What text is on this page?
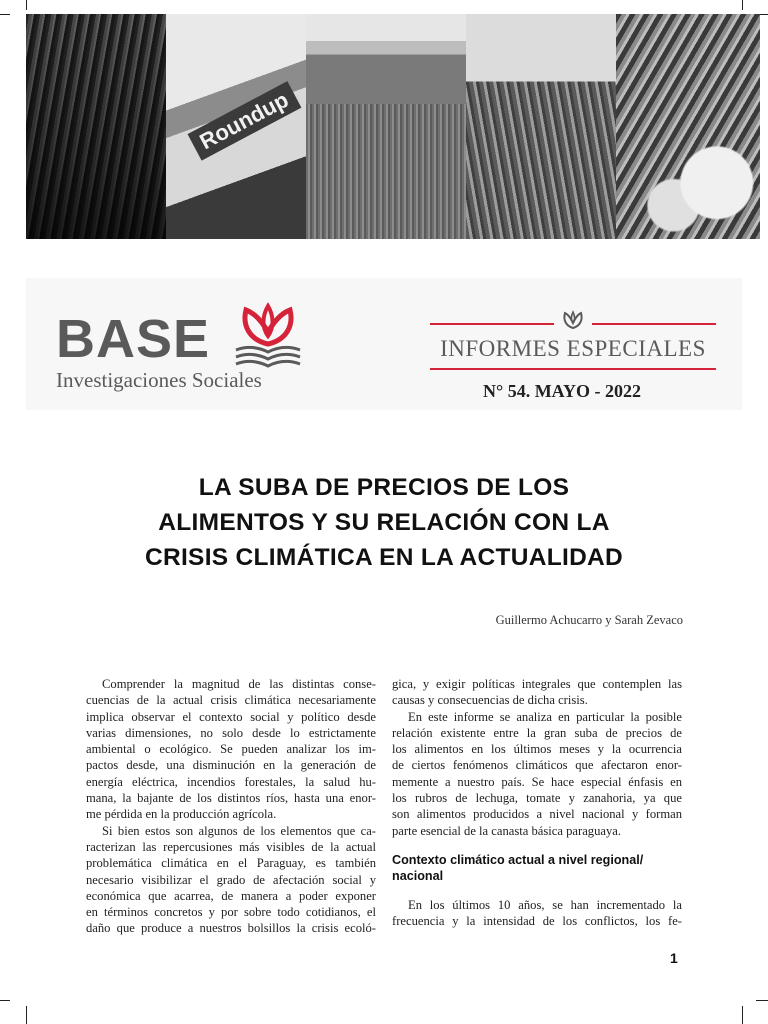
Roundup
BASE
Investigaciones Sociales
INFORMES ESPECIALES
N° 54. MAYO - 2022
LA SUBA DE PRECIOS DE LOS
ALIMENTOS Y SU RELACIÓN CON LA
CRISIS CLIMÁTICA EN LA ACTUALIDAD
Guillermo Achucarro y Sarah Zevaco

Comprender la magnitud de las distintas conse-
cuencias de la actual crisis climática necesariamente
implica observar el contexto social y político desde
varias dimensiones, no solo desde lo estrictamente
ambiental o ecológico. Se pueden analizar los im-
pactos desde, una disminución en la generación de
energía eléctrica, incendios forestales, la salud hu-
mana, la bajante de los distintos ríos, hasta una enor-
me pérdida en la producción agrícola.

Si bien estos son algunos de los elementos que ca-
racterizan las repercusiones más visibles de la actual
problemática climática en el Paraguay, es también
necesario visibilizar el grado de afectación social y
económica que acarrea, de manera a poder exponer
en términos concretos y por sobre todo cotidianos, el
daño que produce a nuestros bolsillos la crisis ecoló-

gica, y exigir políticas integrales que contemplen las
causas y consecuencias de dicha crisis.

En este informe se analiza en particular la posible
relación existente entre la gran suba de precios de
los alimentos en los últimos meses y la ocurrencia
de ciertos fenómenos climáticos que afectaron enor-
memente a nuestro país. Se hace especial énfasis en
los rubros de lechuga, tomate y zanahoria, ya que
son alimentos producidos a nivel nacional y forman
parte esencial de la canasta básica paraguaya.

Contexto climático actual a nivel regional/
nacional

En los últimos 10 años, se han incrementado la
frecuencia y la intensidad de los conflictos, los fe-

1
